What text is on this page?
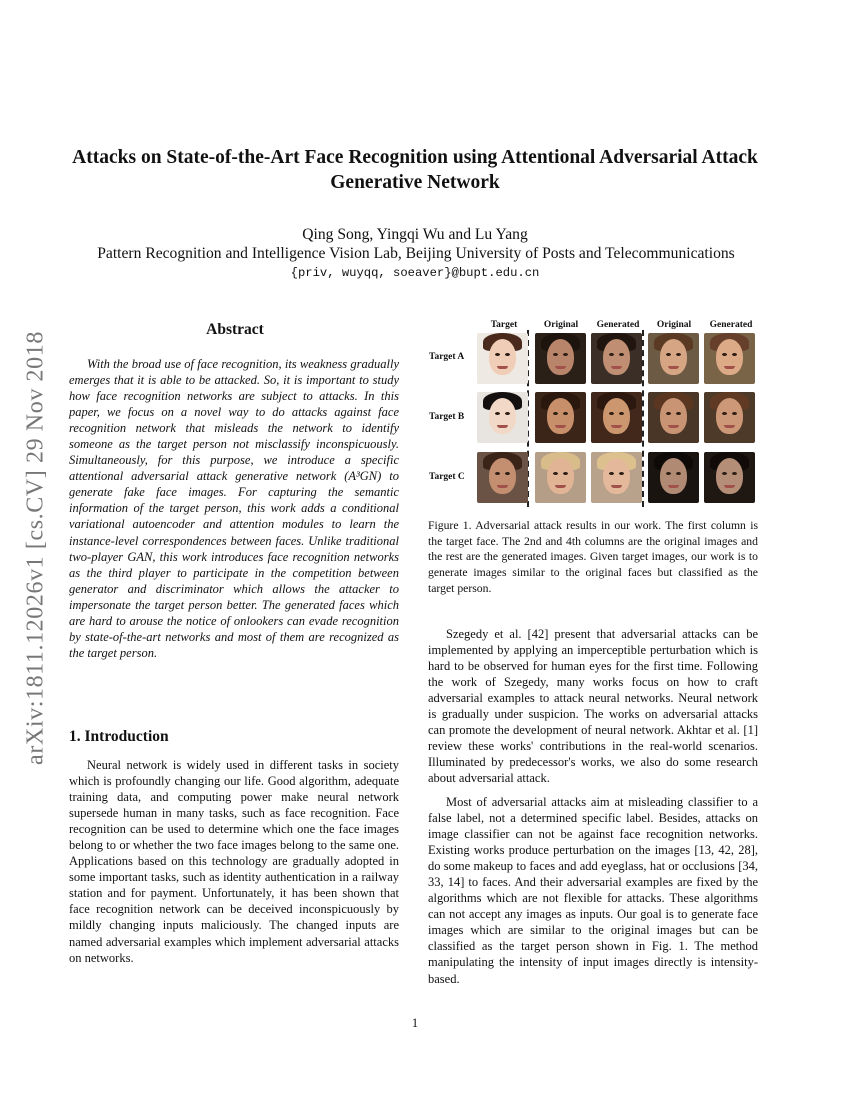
arXiv:1811.12026v1 [cs.CV] 29 Nov 2018
Attacks on State-of-the-Art Face Recognition using Attentional Adversarial Attack Generative Network
Qing Song, Yingqi Wu and Lu Yang
Pattern Recognition and Intelligence Vision Lab, Beijing University of Posts and Telecommunications
{priv, wuyqq, soeaver}@bupt.edu.cn
Abstract
With the broad use of face recognition, its weakness gradually emerges that it is able to be attacked. So, it is important to study how face recognition networks are subject to attacks. In this paper, we focus on a novel way to do attacks against face recognition network that misleads the network to identify someone as the target person not misclassify inconspicuously. Simultaneously, for this purpose, we introduce a specific attentional adversarial attack generative network (A³GN) to generate fake face images. For capturing the semantic information of the target person, this work adds a conditional variational autoencoder and attention modules to learn the instance-level correspondences between faces. Unlike traditional two-player GAN, this work introduces face recognition networks as the third player to participate in the competition between generator and discriminator which allows the attacker to impersonate the target person better. The generated faces which are hard to arouse the notice of onlookers can evade recognition by state-of-the-art networks and most of them are recognized as the target person.
1. Introduction
Neural network is widely used in different tasks in society which is profoundly changing our life. Good algorithm, adequate training data, and computing power make neural network supersede human in many tasks, such as face recognition. Face recognition can be used to determine which one the face images belong to or whether the two face images belong to the same one. Applications based on this technology are gradually adopted in some important tasks, such as identity authentication in a railway station and for payment. Unfortunately, it has been shown that face recognition network can be deceived inconspicuously by mildly changing inputs maliciously. The changed inputs are named adversarial examples which implement adversarial attacks on networks.
Target	Original	Generated	Original	Generated
Target A
Target B
Target C
Figure 1. Adversarial attack results in our work. The first column is the target face. The 2nd and 4th columns are the original images and the rest are the generated images. Given target images, our work is to generate images similar to the original faces but classified as the target person.
Szegedy et al. [42] present that adversarial attacks can be implemented by applying an imperceptible perturbation which is hard to be observed for human eyes for the first time. Following the work of Szegedy, many works focus on how to craft adversarial examples to attack neural networks. Neural network is gradually under suspicion. The works on adversarial attacks can promote the development of neural network. Akhtar et al. [1] review these works' contributions in the real-world scenarios. Illuminated by predecessor's works, we also do some research about adversarial attack.
Most of adversarial attacks aim at misleading classifier to a false label, not a determined specific label. Besides, attacks on image classifier can not be against face recognition networks. Existing works produce perturbation on the images [13, 42, 28], do some makeup to faces and add eyeglass, hat or occlusions [34, 33, 14] to faces. And their adversarial examples are fixed by the algorithms which are not flexible for attacks. These algorithms can not accept any images as inputs. Our goal is to generate face images which are similar to the original images but can be classified as the target person shown in Fig. 1. The method manipulating the intensity of input images directly is intensity-based.
1
